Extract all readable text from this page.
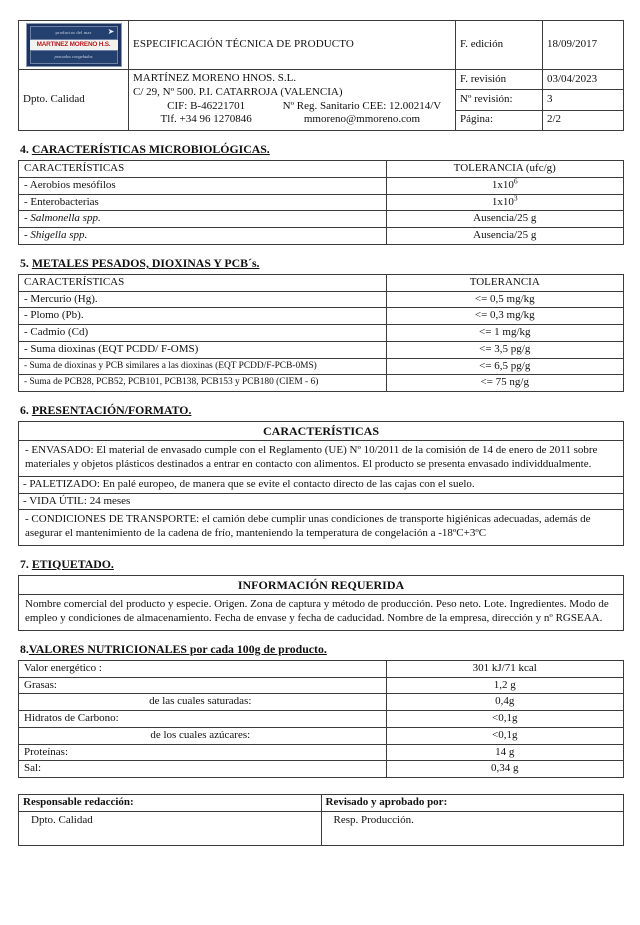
productos del mar ➤
MARTINEZ MORENO H.S.
pescados congelados	ESPECIFICACIÓN TÉCNICA DE PRODUCTO	F. edición	18/09/2017
Dpto. Calidad	MARTÍNEZ MORENO HNOS. S.L.
C/ 29, Nº 500. P.I. CATARROJA (VALENCIA)
CIF: B-46221701 Nº Reg. Sanitario CEE: 12.00214/V
Tlf. +34 96 1270846 mmoreno@mmoreno.com	F. revisión	03/04/2023
		Nº revisión:	3
		Página:	2/2
4. CARACTERÍSTICAS MICROBIOLÓGICAS.
CARACTERÍSTICAS	TOLERANCIA (ufc/g)
- Aerobios mesófilos	$1x10^6$
- Enterobacterias	$1x10^3$
- Salmonella spp.	Ausencia/25 g
- Shigella spp.	Ausencia/25 g
5. METALES PESADOS, DIOXINAS Y PCB´s.
CARACTERÍSTICAS	TOLERANCIA
- Mercurio (Hg).	<= 0,5 mg/kg
- Plomo (Pb).	<= 0,3 mg/kg
- Cadmio (Cd)	<= 1 mg/kg
- Suma dioxinas (EQT PCDD/ F-OMS)	<= 3,5 pg/g
- Suma de dioxinas y PCB similares a las dioxinas (EQT PCDD/F-PCB-0MS)	<= 6,5 pg/g
- Suma de PCB28, PCB52, PCB101, PCB138, PCB153 y PCB180 (CIEM - 6)	<= 75 ng/g
6. PRESENTACIÓN/FORMATO.
CARACTERÍSTICAS
- ENVASADO: El material de envasado cumple con el Reglamento (UE) Nº 10/2011 de la comisión de 14 de enero de 2011 sobre materiales y objetos plásticos destinados a entrar en contacto con alimentos. El producto se presenta envasado individdualmente.
- PALETIZADO: En palé europeo, de manera que se evite el contacto directo de las cajas con el suelo.
- VIDA ÚTIL: 24 meses
- CONDICIONES DE TRANSPORTE: el camión debe cumplir unas condiciones de transporte higiénicas adecuadas, además de asegurar el mantenimiento de la cadena de frío, manteniendo la temperatura de congelación a -18ºC+3ºC
7. ETIQUETADO.
INFORMACIÓN REQUERIDA
Nombre comercial del producto y especie. Origen. Zona de captura y método de producción. Peso neto. Lote. Ingredientes. Modo de empleo y condiciones de almacenamiento. Fecha de envase y fecha de caducidad. Nombre de la empresa, dirección y nº RGSEAA.
8.VALORES NUTRICIONALES por cada 100g de producto.
Valor energético :	301 kJ/71 kcal
Grasas:	1,2 g
de las cuales saturadas:	0,4g
Hidratos de Carbono:	<0,1g
de los cuales azúcares:	<0,1g
Proteínas:	14 g
Sal:	0,34 g
Responsable redacción:	Revisado y aprobado por:
Dpto. Calidad	Resp. Producción.
